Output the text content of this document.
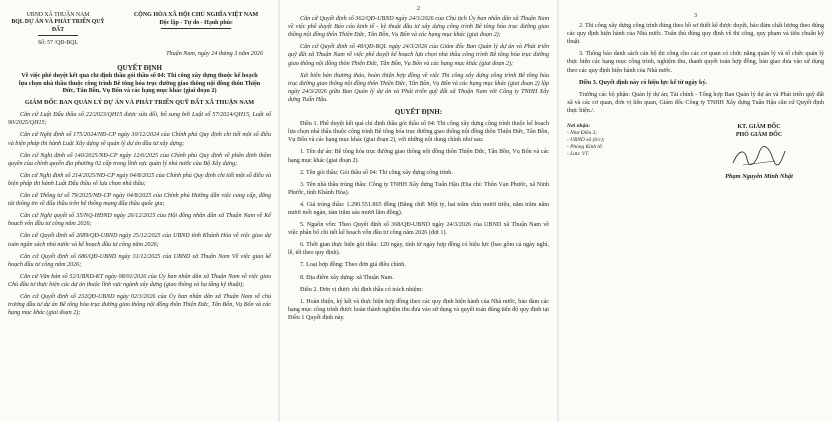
UBND XÃ THUẬN NAM
BQL DỰ ÁN VÀ PHÁT TRIỂN QUỸ ĐẤT
Số: 57 /QĐ-BQL
CỘNG HÒA XÃ HỘI CHỦ NGHĨA VIỆT NAM
Độc lập - Tự do - Hạnh phúc
Thuận Nam, ngày 24 tháng 3 năm 2026
QUYẾT ĐỊNH
Về việc phê duyệt kết quả chỉ định thầu gói thầu số 04: Thi công xây dựng thuộc kế hoạch lựa chọn nhà thầu thuộc công trình Bê tông hóa trục đường giao thông nội đồng thôn Thiện Đức, Tân Bồn, Vụ Bổn và các hạng mục khác (giai đoạn 2)
GIÁM ĐỐC BAN QUẢN LÝ DỰ ÁN VÀ PHÁT TRIỂN QUỸ ĐẤT XÃ THUẬN NAM

Căn cứ Luật Đấu thầu số 22/2023/QH15 được sửa đổi, bổ sung bởi Luật số 57/2024/QH15, Luật số 90/2025/QH15;

Căn cứ Nghị định số 175/2024/NĐ-CP ngày 30/12/2024 của Chính phủ Quy định chi tiết một số điều và biện pháp thi hành Luật Xây dựng về quản lý dự án đầu tư xây dựng;

Căn cứ Nghị định số 140/2025/NĐ-CP ngày 12/6/2025 của Chính phủ Quy định về phân định thẩm quyền của chính quyền địa phương 02 cấp trong lĩnh vực quản lý nhà nước của Bộ Xây dựng;

Căn cứ Nghị định số 214/2025/NĐ-CP ngày 04/8/2025 của Chính phủ Quy định chi tiết một số điều và biện pháp thi hành Luật Đấu thầu về lựa chọn nhà thầu;

Căn cứ Thông tư số 79/2025/NĐ-CP ngày 04/8/2025 của Chính phủ Hướng dẫn việc cung cấp, đăng tải thông tin về đấu thầu trên hệ thống mạng đấu thầu quốc gia;

Căn cứ Nghị quyết số 35/NQ-HĐND ngày 26/12/2025 của Hội đồng nhân dân xã Thuận Nam về Kế hoạch vốn đầu tư công năm 2026;

Căn cứ Quyết định số 2689/QĐ-UBND ngày 25/12/2025 của UBND tỉnh Khánh Hòa về việc giao dự toán ngân sách nhà nước và kế hoạch đầu tư công năm 2026;

Căn cứ Quyết định số 686/QĐ-UBND ngày 31/12/2025 của UBND xã Thuận Nam Về việc giao kế hoạch đầu tư công năm 2026;

Căn cứ Văn bản số 52/UBND-KT ngày 08/01/2026 của Ủy ban nhân dân xã Thuận Nam về việc giao Chủ đầu tư thực hiện các dự án thuộc lĩnh vực ngành xây dựng (giao thông và hạ tầng kỹ thuật);

Căn cứ Quyết định số 232QĐ-UBND ngày 02/3/2026 của Ủy ban nhân dân xã Thuận Nam về chủ trương đầu tư dự án Bê tông hóa trục đường giao thông nội đồng thôn Thiện Đức, Tân Bồn, Vụ Bổn và các hạng mục khác (giai đoạn 2);

2

Căn cứ Quyết định số 362/QĐ-UBND ngày 24/3/2026 của Chủ tịch Ủy ban nhân dân xã Thuận Nam về việc phê duyệt Báo cáo kinh tế - kỹ thuật đầu tư xây dựng công trình Bê tông hóa trục đường giao thông nội đồng thôn Thiện Đức, Tân Bồn, Vụ Bổn và các hạng mục khác (giai đoạn 2);

Căn cứ Quyết định số 48/QĐ-BQL ngày 24/3/2026 của Giám đốc Ban Quản lý dự án và Phát triển quỹ đất xã Thuận Nam về việc phê duyệt kế hoạch lựa chọn nhà thầu công trình Bê tông hóa trục đường giao thông nội đồng thôn Thiện Đức, Tân Bồn, Vụ Bổn và các hạng mục khác (giai đoạn 2);

Xét biên bản thương thảo, hoàn thiện hợp đồng về việc Thi công xây dựng công trình Bê tông hóa trục đường giao thông nội đồng thôn Thiện Đức, Tân Bồn, Vụ Bổn và các hạng mục khác (giai đoạn 2) lập ngày 24/3/2026 giữa Ban Quản lý dự án và Phát triển quỹ đất xã Thuận Nam với Công ty TNHH Xây dựng Tuấn Hậu.

QUYẾT ĐỊNH:

Điều 1. Phê duyệt kết quả chỉ định thầu gói thầu số 04: Thi công xây dựng công trình thuộc kế hoạch lựa chọn nhà thầu thuộc công trình Bê tông hóa trục đường giao thông nội đồng thôn Thiện Đức, Tân Bồn, Vụ Bổn và các hạng mục khác (giai đoạn 2), với những nội dung chính như sau:

1. Tên dự án: Bê tông hóa trục đường giao thông nội đồng thôn Thiện Đức, Tân Bồn, Vụ Bổn và các hạng mục khác (giai đoạn 2).

2. Tên gói thầu: Gói thầu số 04: Thi công xây dựng công trình.

3. Tên nhà thầu trúng thầu: Công ty TNHH Xây dựng Tuấn Hậu (Địa chỉ: Thôn Vạn Phước, xã Ninh Phước, tỉnh Khánh Hòa).

4. Giá trúng thầu: 1.290.551.865 đồng (Bằng chữ: Một tỷ, hai trăm chín mươi triệu, năm trăm năm mươi mốt ngàn, tám trăm sáu mươi lăm đồng).

5. Nguồn vốn: Theo Quyết định số 368/QĐ-UBND ngày 24/3/2026 của UBND xã Thuận Nam về việc phân bổ chi tiết kế hoạch vốn đầu tư công năm 2026 (đợt 1).

6. Thời gian thực hiện gói thầu: 120 ngày, tính từ ngày hợp đồng có hiệu lực (bao gồm cả ngày nghỉ, lễ, tết theo quy định).

7. Loại hợp đồng: Theo đơn giá điều chỉnh.

8. Địa điểm xây dựng: xã Thuận Nam.

Điều 2. Đơn vị được chỉ định thầu có trách nhiệm:

1. Hoàn thiện, ký kết và thực hiện hợp đồng theo các quy định hiện hành của Nhà nước, bảo đảm các hạng mục công trình được hoàn thành nghiệm thu đưa vào sử dụng và quyết toán đúng tiến độ quy định tại Điều 1 Quyết định này.

3

2. Thi công xây dựng công trình đúng theo hồ sơ thiết kế được duyệt, bảo đảm chất lượng theo đúng các quy định hiện hành của Nhà nước. Tuân thủ đúng quy định về thi công, quy phạm và tiêu chuẩn kỹ thuật.

3. Thông báo danh sách cán bộ thi công cho các cơ quan có chức năng quản lý và tổ chức quản lý thực hiện các hạng mục công trình, nghiệm thu, thanh quyết toán hợp đồng, bàn giao đưa vào sử dụng theo các quy định hiện hành của Nhà nước.

Điều 3. Quyết định này có hiệu lực kể từ ngày ký.

Trưởng các bộ phận: Quản lý dự án; Tài chính - Tổng hợp Ban Quản lý dự án và Phát triển quỹ đất xã và các cơ quan, đơn vị liên quan, Giám đốc Công ty TNHH Xây dựng Tuấn Hậu căn cứ Quyết định thực hiện./.

Nơi nhận:
- Như Điều 3;
- UBND xã (b/c);
- Phòng Kinh tế;
- Lưu: VT.
KT. GIÁM ĐỐC
PHÓ GIÁM ĐỐC
Phạm Nguyễn Minh Nhật
